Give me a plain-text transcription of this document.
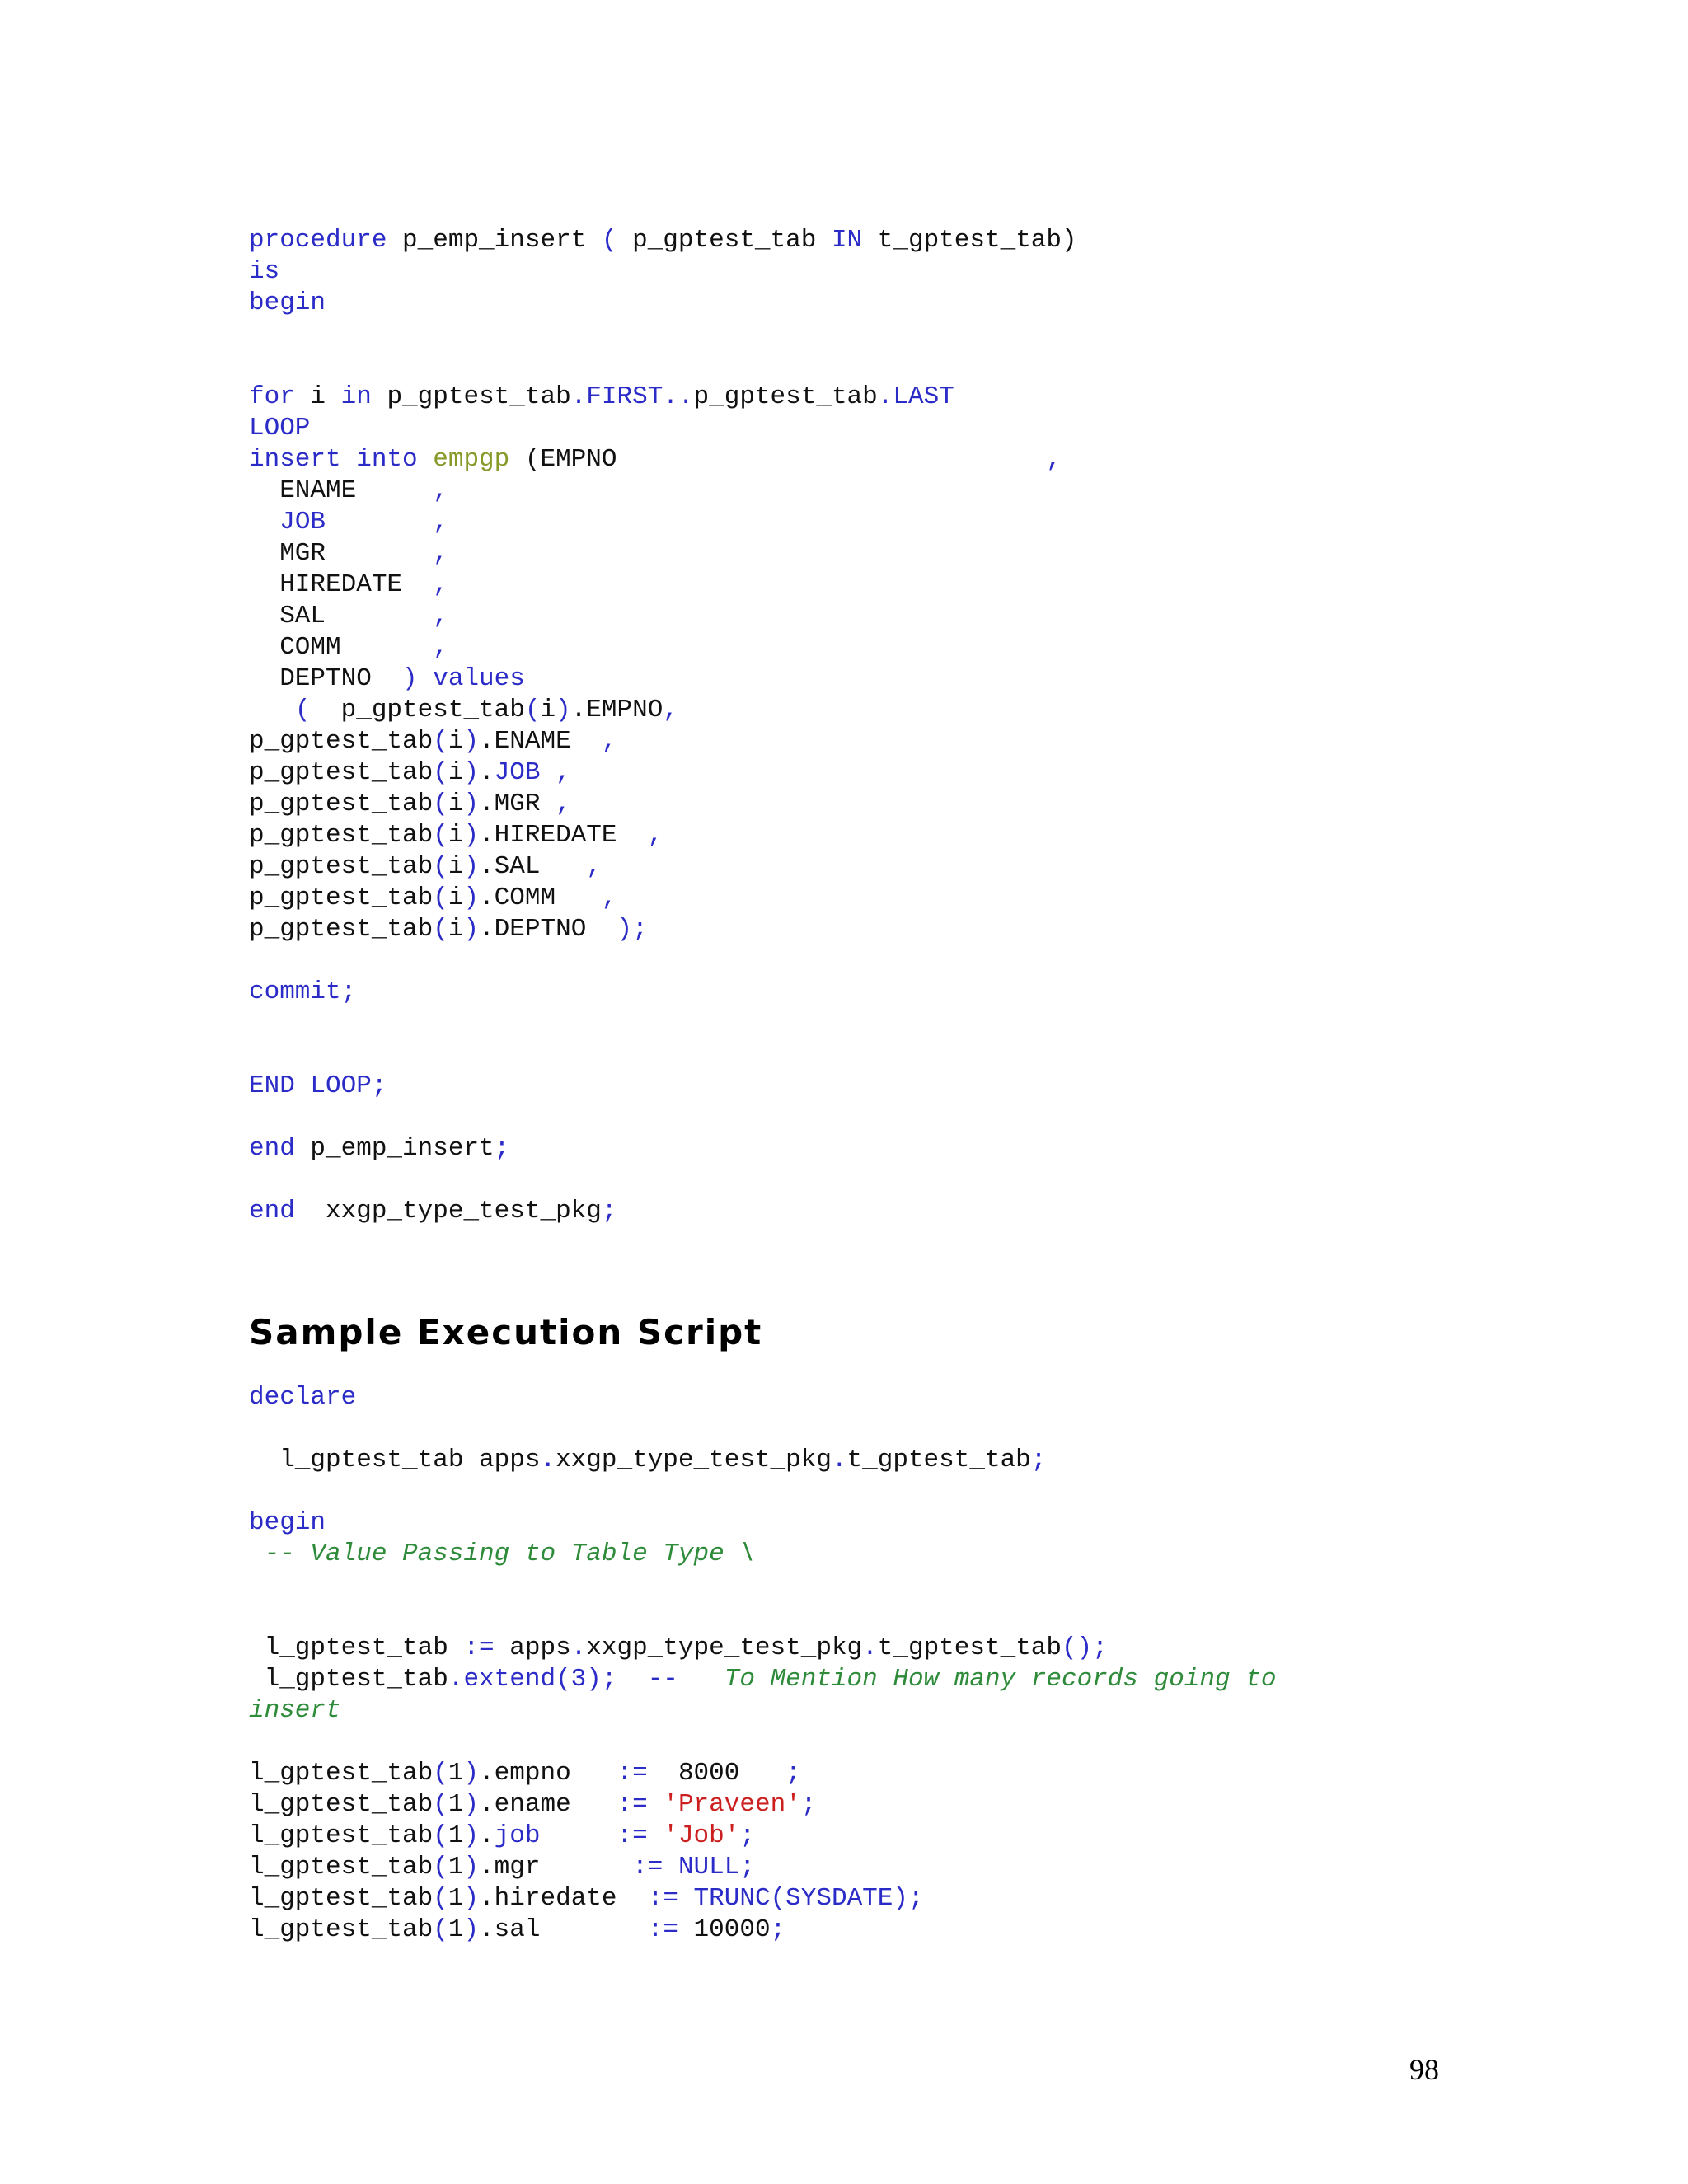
procedure p_emp_insert ( p_gptest_tab IN t_gptest_tab)
is
begin
for i in p_gptest_tab.FIRST..p_gptest_tab.LAST
LOOP
insert into empgp (EMPNO                            ,
ENAME     ,
JOB	,
MGR       ,
HIREDATE  ,
SAL       ,
COMM      ,
DEPTNO  ) values
(  p_gptest_tab(i).EMPNO,
p_gptest_tab(i).ENAME  ,
p_gptest_tab(i).JOB ,
p_gptest_tab(i).MGR ,
p_gptest_tab(i).HIREDATE  ,
p_gptest_tab(i).SAL   ,
p_gptest_tab(i).COMM   ,
p_gptest_tab(i).DEPTNO  );
commit;
END LOOP;
end p_emp_insert;
end  xxgp_type_test_pkg;
Sample Execution Script
declare
l_gptest_tab apps.xxgp_type_test_pkg.t_gptest_tab;
begin
-- Value Passing to Table Type \
l_gptest_tab := apps.xxgp_type_test_pkg.t_gptest_tab();
l_gptest_tab.extend(3);  --   To Mention How many records going to
insert
l_gptest_tab(1).empno   :=  8000   ;
l_gptest_tab(1).ename   := 'Praveen';
l_gptest_tab(1).job	:= 'Job';
l_gptest_tab(1).mgr      := NULL;
l_gptest_tab(1).hiredate  := TRUNC(SYSDATE);
l_gptest_tab(1).sal       := 10000;
98
